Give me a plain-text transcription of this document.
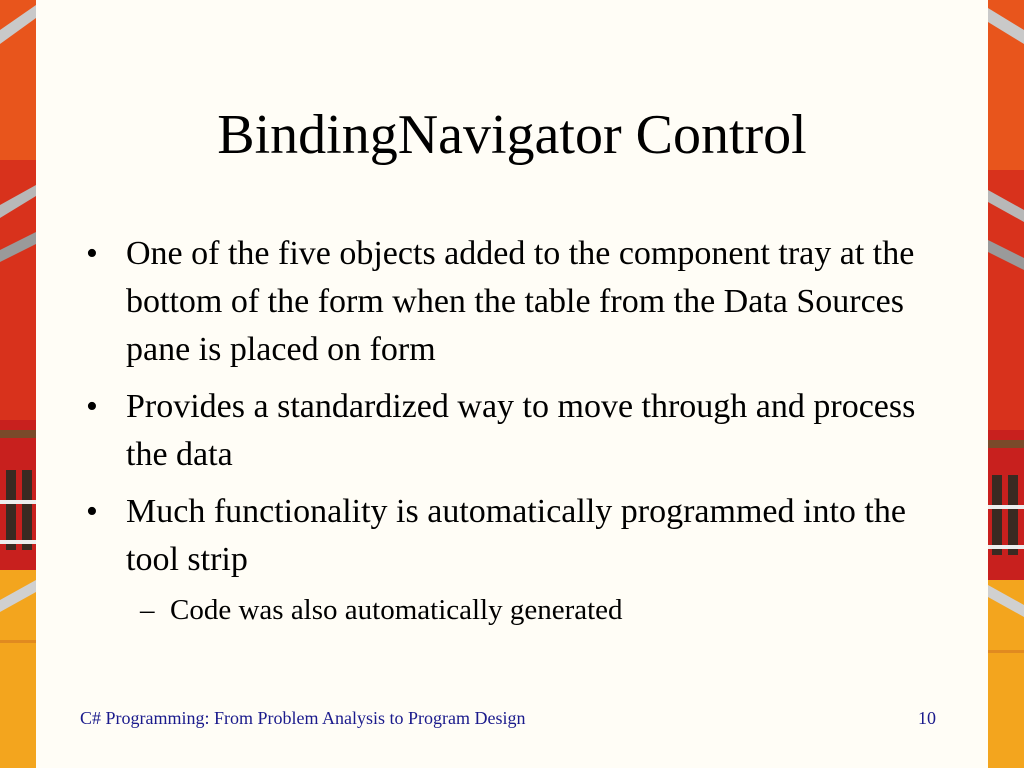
BindingNavigator Control
• One of the five objects added to the component tray at the bottom of the form when the table from the Data Sources pane is placed on form
• Provides a standardized way to move through and process the data
• Much functionality is automatically programmed into the tool strip
– Code was also automatically generated
C# Programming: From Problem Analysis to Program Design	10
